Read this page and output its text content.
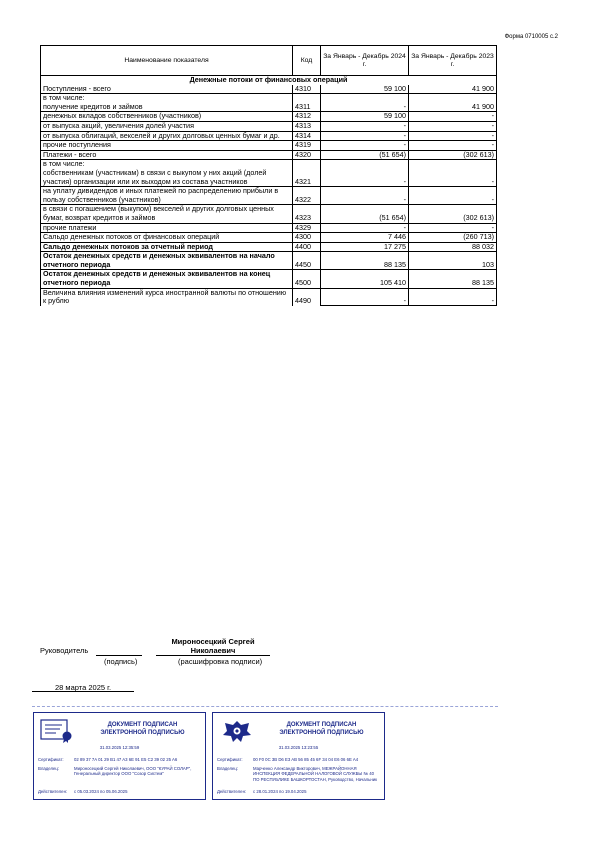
Форма 0710005 с.2
Наименование показателя	Код	За Январь - Декабрь 2024 г.	За Январь - Декабрь 2023 г.
Денежные потоки от финансовых операций			
Поступления - всего	4310	59 100	41 900
в том числе:			
получение кредитов и займов	4311	-	41 900
денежных вкладов собственников (участников)	4312	59 100	-
от выпуска акций, увеличения долей участия	4313	-	-
от выпуска облигаций, векселей и других долговых ценных бумаг и др.	4314	-	-
прочие поступления	4319	-	-
Платежи - всего	4320	(51 654)	(302 613)
в том числе:			
собственникам (участникам) в связи с выкупом у них акций (долей участия) организации или их выходом из состава участников	4321	-	-
на уплату дивидендов и иных платежей по распределению прибыли в пользу собственников (участников)	4322	-	-
в связи с погашением (выкупом) векселей и других долговых ценных бумаг, возврат кредитов и займов	4323	(51 654)	(302 613)
прочие платежи	4329	-	-
Сальдо денежных потоков от финансовых операций	4300	7 446	(260 713)
Сальдо денежных потоков за отчетный период	4400	17 275	88 032
Остаток денежных средств и денежных эквивалентов на начало отчетного периода	4450	88 135	103
Остаток денежных средств и денежных эквивалентов на конец отчетного периода	4500	105 410	88 135
Величина влияния изменений курса иностранной валюты по отношению к рублю	4490	-	-
Руководитель
(подпись)
Мироносецкий Сергей
Николаевич
(расшифровка подписи)
28 марта 2025 г.
ДОКУМЕНТ ПОДПИСАН ЭЛЕКТРОННОЙ ПОДПИСЬЮ
31.03.2025 12:35:59
Сертификат:	02 89 37 7A 01 29 B1 47 A3 6E 91 E5 C2 39 02 25 A6
Владелец:	Мироносецкий Сергей Николаевич, ООО "КУРАЙ СОЛАР", Генеральный директор ООО "Созор Систем"
Действителен:	с 05.03.2024 по 05.06.2025
ДОКУМЕНТ ПОДПИСАН ЭЛЕКТРОННОЙ ПОДПИСЬЮ
31.03.2025 13:23:55
Сертификат:	00 F0 0C 3B D6 E3 AB 56 85 45 6F 34 04 E6 06 6E A4
Владелец:	Марченко Александр Викторович, МЕЖРАЙОННАЯ ИНСПЕКЦИЯ ФЕДЕРАЛЬНОЙ НАЛОГОВОЙ СЛУЖБЫ № 40 ПО РЕСПУБЛИКЕ БАШКОРТОСТАН, Руководство, Начальник
Действителен:	с 28.01.2024 по 19.04.2025
